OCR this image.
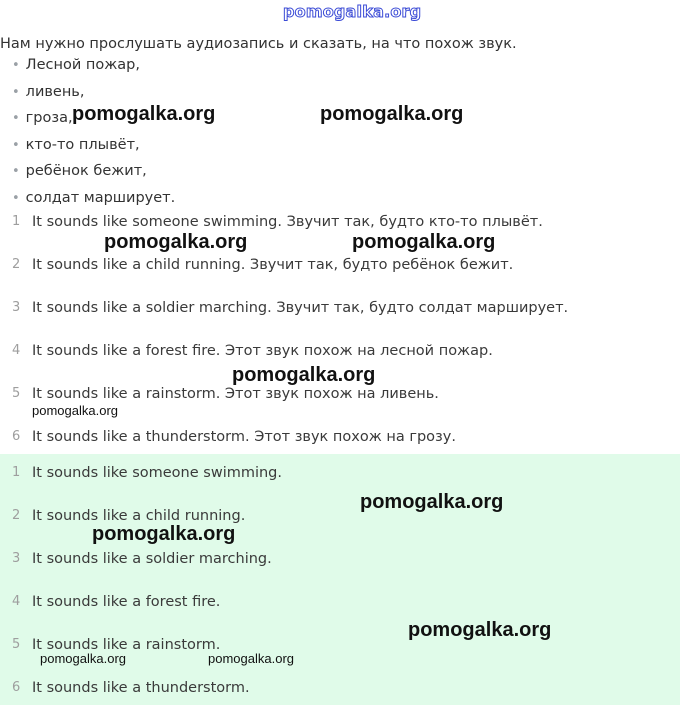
pomogalka.org
Нам нужно прослушать аудиозапись и сказать, на что похож звук.
• Лесной пожар,
• ливень,
• гроза,
• кто-то плывёт,
• ребёнок бежит,
• солдат марширует.
1 It sounds like someone swimming. Звучит так, будто кто-то плывёт.
2 It sounds like a child running. Звучит так, будто ребёнок бежит.
3 It sounds like a soldier marching. Звучит так, будто солдат марширует.
4 It sounds like a forest fire. Этот звук похож на лесной пожар.
5 It sounds like a rainstorm. Этот звук похож на ливень.
6 It sounds like a thunderstorm. Этот звук похож на грозу.
1 It sounds like someone swimming.
2 It sounds like a child running.
3 It sounds like a soldier marching.
4 It sounds like a forest fire.
5 It sounds like a rainstorm.
6 It sounds like a thunderstorm.
pomogalka.org	pomogalka.org
pomogalka.org	pomogalka.org
pomogalka.org
pomogalka.org
pomogalka.org
pomogalka.org
pomogalka.org
pomogalka.org	pomogalka.org
